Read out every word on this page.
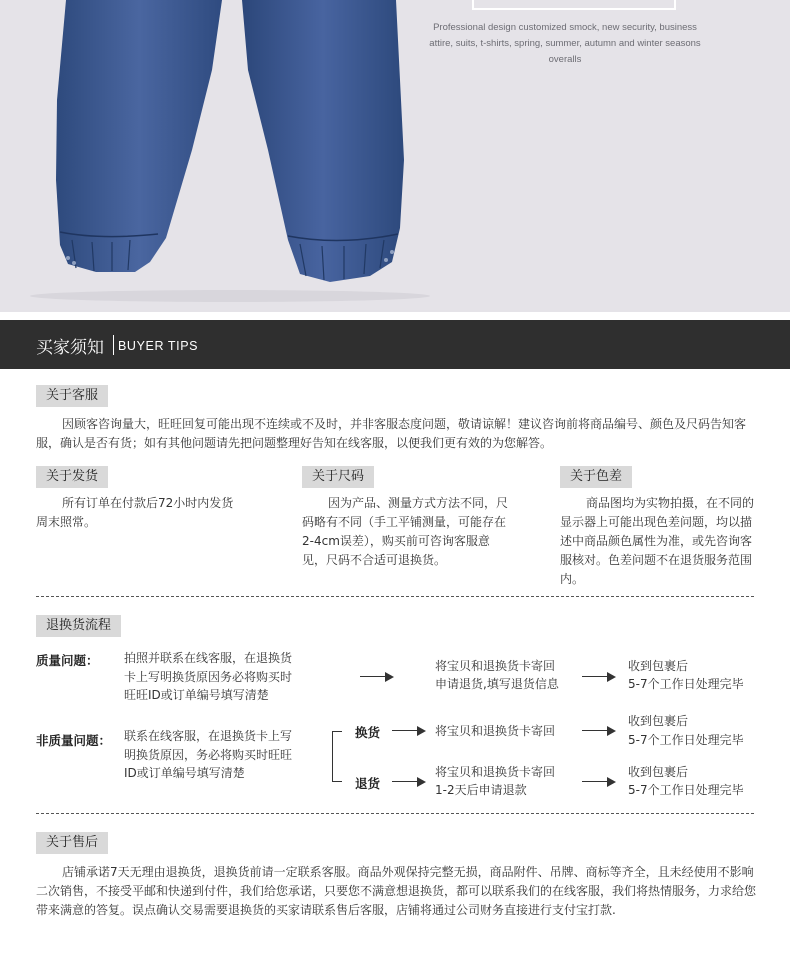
Professional design customized smock, new security, business attire, suits, t-shirts, spring, summer, autumn and winter seasons overalls
买家须知 BUYER TIPS
关于客服
因顾客咨询量大，旺旺回复可能出现不连续或不及时，并非客服态度问题，敬请谅解！建议咨询前将商品编号、颜色及尺码告知客服，确认是否有货；如有其他问题请先把问题整理好告知在线客服，以便我们更有效的为您解答。
关于发货
所有订单在付款后72小时内发货周末照常。
关于尺码
因为产品、测量方式方法不同，尺码略有不同（手工平铺测量，可能存在2-4cm误差），购买前可咨询客服意见，尺码不合适可退换货。
关于色差
商品图均为实物拍摄，在不同的显示器上可能出现色差问题，均以描述中商品颜色属性为准，或先咨询客服核对。色差问题不在退货服务范围内。
退换货流程
质量问题： 拍照并联系在线客服，在退换货
卡上写明换货原因务必将购买时
旺旺ID或订单编号填写清楚
将宝贝和退换货卡寄回
申请退货,填写退货信息
收到包裹后
5-7个工作日处理完毕
非质量问题： 联系在线客服，在退换货卡上写
明换货原因，务必将购买时旺旺
ID或订单编号填写清楚
换货	将宝贝和退换货卡寄回
收到包裹后
5-7个工作日处理完毕
退货
将宝贝和退换货卡寄回
1-2天后申请退款
收到包裹后
5-7个工作日处理完毕
关于售后
店铺承诺7天无理由退换货，退换货前请一定联系客服。商品外观保持完整无损，商品附件、吊牌、商标等齐全，且未经使用不影响二次销售，不接受平邮和快递到付件，我们给您承诺，只要您不满意想退换货，都可以联系我们的在线客服，我们将热情服务，力求给您带来满意的答复。误点确认交易需要退换货的买家请联系售后客服，店铺将通过公司财务直接进行支付宝打款.
